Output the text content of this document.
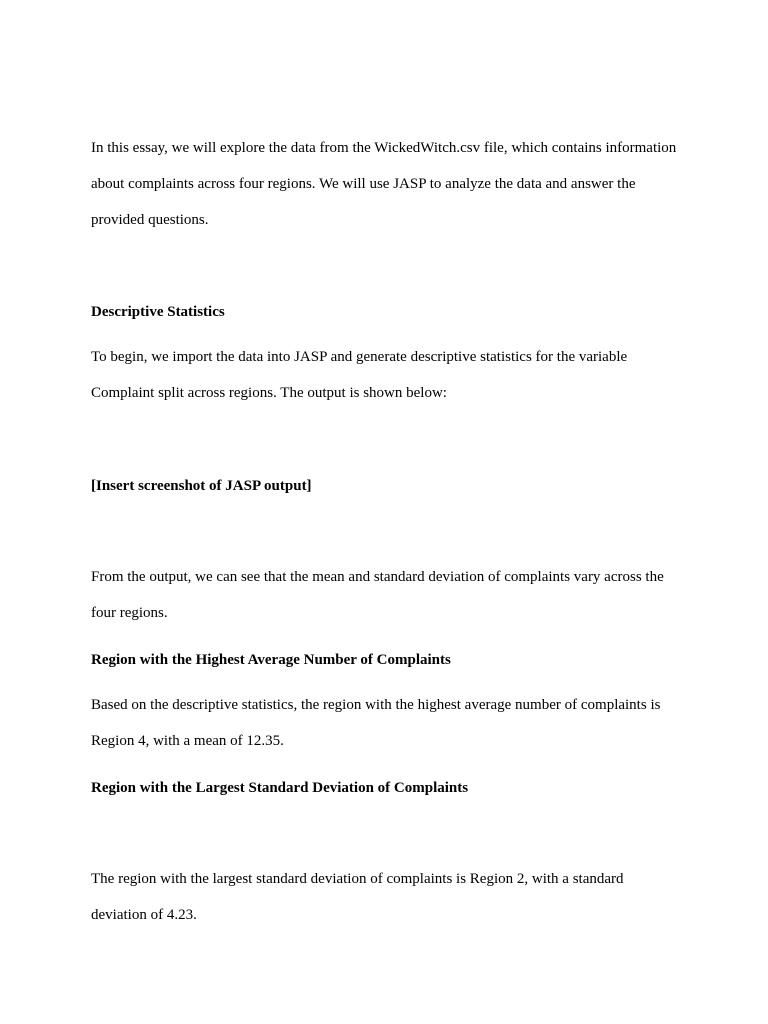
In this essay, we will explore the data from the WickedWitch.csv file, which contains information about complaints across four regions. We will use JASP to analyze the data and answer the provided questions.

Descriptive Statistics

To begin, we import the data into JASP and generate descriptive statistics for the variable Complaint split across regions. The output is shown below:

[Insert screenshot of JASP output]

From the output, we can see that the mean and standard deviation of complaints vary across the four regions.

Region with the Highest Average Number of Complaints

Based on the descriptive statistics, the region with the highest average number of complaints is Region 4, with a mean of 12.35.

Region with the Largest Standard Deviation of Complaints

The region with the largest standard deviation of complaints is Region 2, with a standard deviation of 4.23.
